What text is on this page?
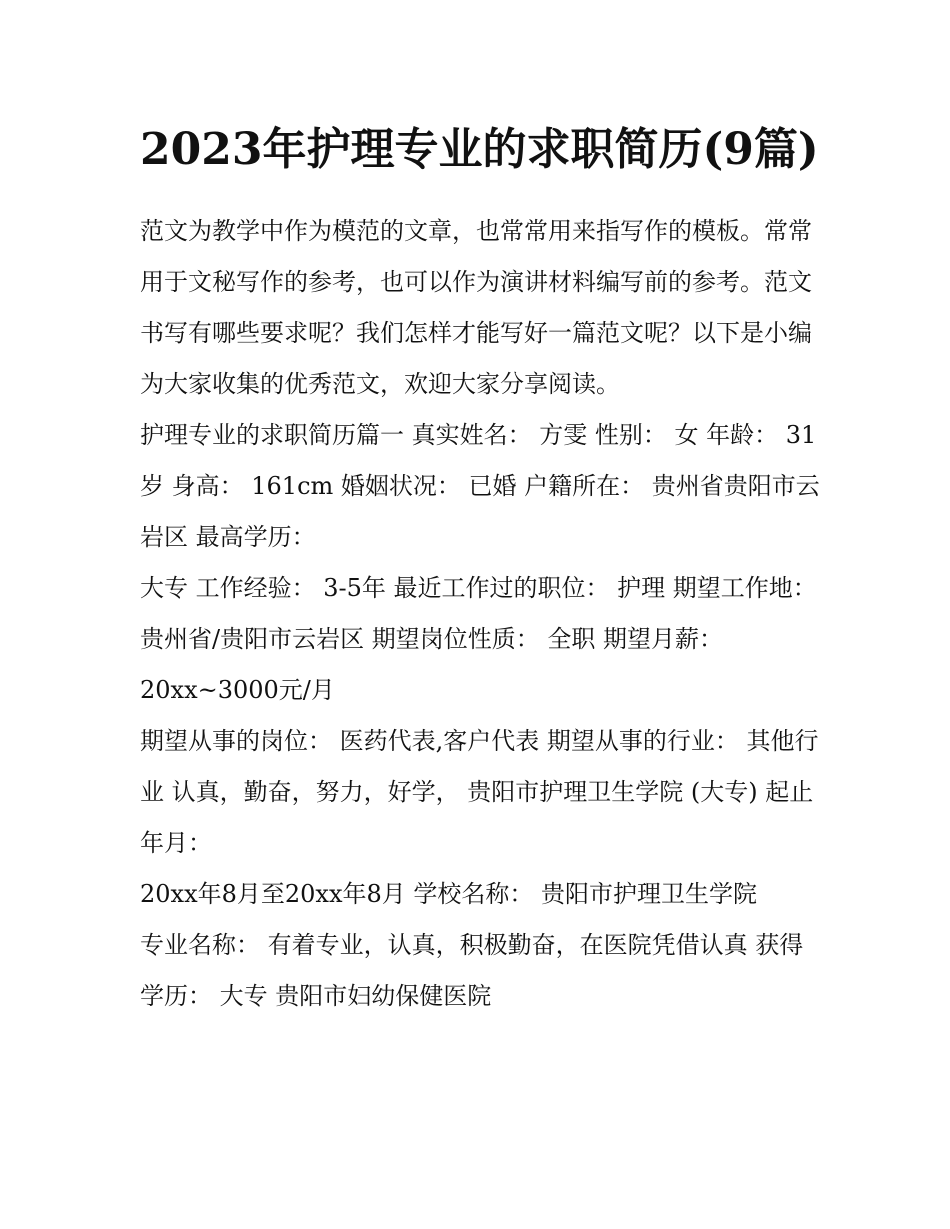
2023年护理专业的求职简历(9篇)

范文为教学中作为模范的文章，也常常用来指写作的模板。常常用于文秘写作的参考，也可以作为演讲材料编写前的参考。范文书写有哪些要求呢？我们怎样才能写好一篇范文呢？以下是小编为大家收集的优秀范文，欢迎大家分享阅读。

护理专业的求职简历篇一 真实姓名： 方雯 性别： 女 年龄： 31岁 身高： 161cm 婚姻状况： 已婚 户籍所在： 贵州省贵阳市云岩区 最高学历：

大专 工作经验： 3-5年 最近工作过的职位： 护理 期望工作地： 贵州省/贵阳市云岩区 期望岗位性质： 全职 期望月薪： 20xx~3000元/月

期望从事的岗位： 医药代表,客户代表 期望从事的行业： 其他行业 认真，勤奋，努力，好学， 贵阳市护理卫生学院 (大专) 起止年月：

20xx年8月至20xx年8月 学校名称： 贵阳市护理卫生学院

专业名称： 有着专业，认真，积极勤奋，在医院凭借认真 获得学历： 大专 贵阳市妇幼保健医院
